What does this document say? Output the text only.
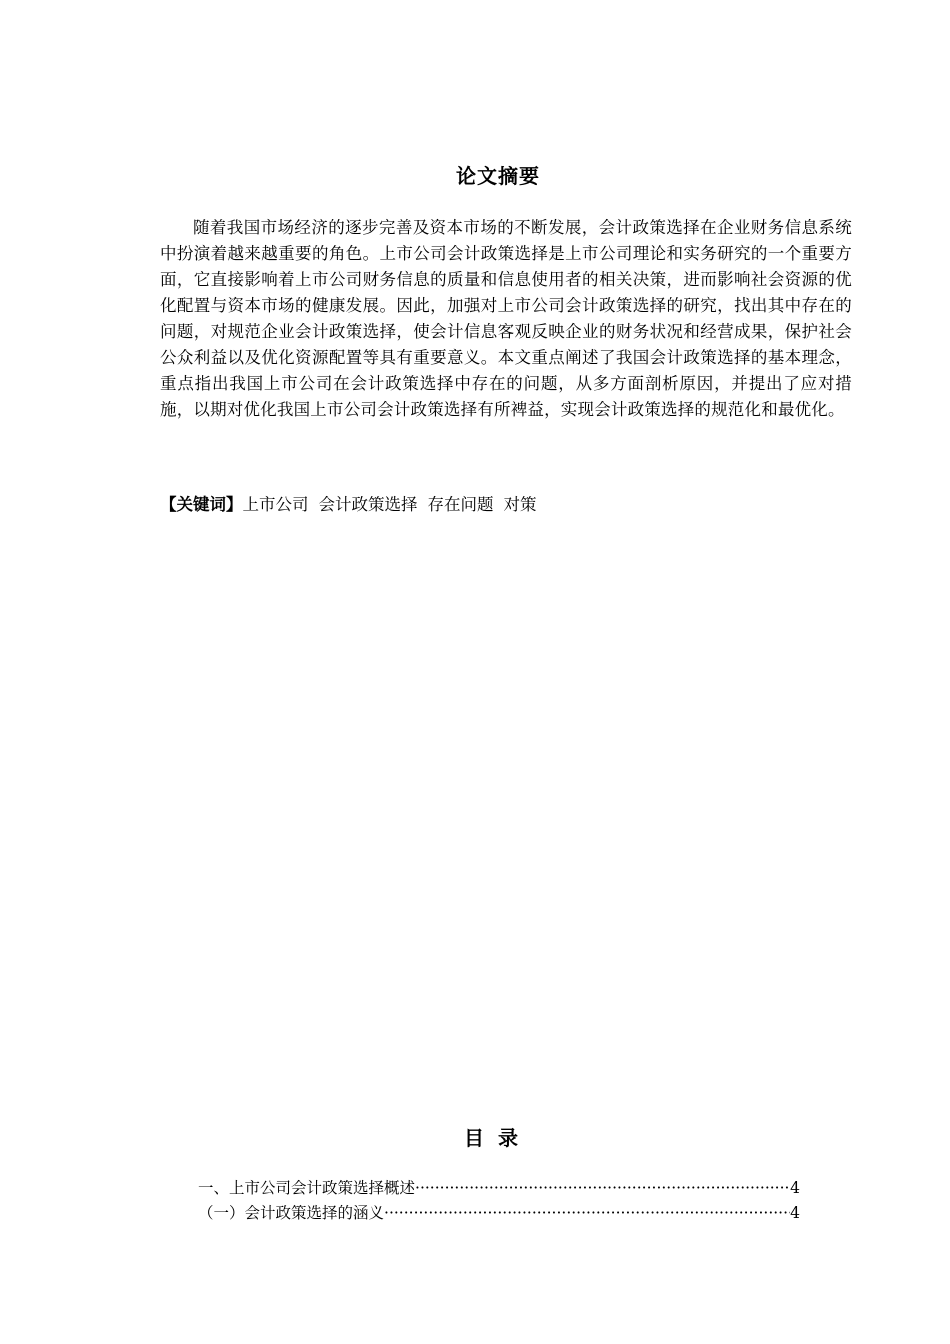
论文摘要

随着我国市场经济的逐步完善及资本市场的不断发展，会计政策选择在企业财务信息系统中扮演着越来越重要的角色。上市公司会计政策选择是上市公司理论和实务研究的一个重要方面，它直接影响着上市公司财务信息的质量和信息使用者的相关决策，进而影响社会资源的优化配置与资本市场的健康发展。因此，加强对上市公司会计政策选择的研究，找出其中存在的问题，对规范企业会计政策选择，使会计信息客观反映企业的财务状况和经营成果，保护社会公众利益以及优化资源配置等具有重要意义。本文重点阐述了我国会计政策选择的基本理念，重点指出我国上市公司在会计政策选择中存在的问题，从多方面剖析原因，并提出了应对措施，以期对优化我国上市公司会计政策选择有所裨益，实现会计政策选择的规范化和最优化。

【关键词】上市公司 会计政策选择 存在问题 对策
目录
一、上市公司会计政策选择概述 ·····	4
（一）会计政策选择的涵义 ·····	4
